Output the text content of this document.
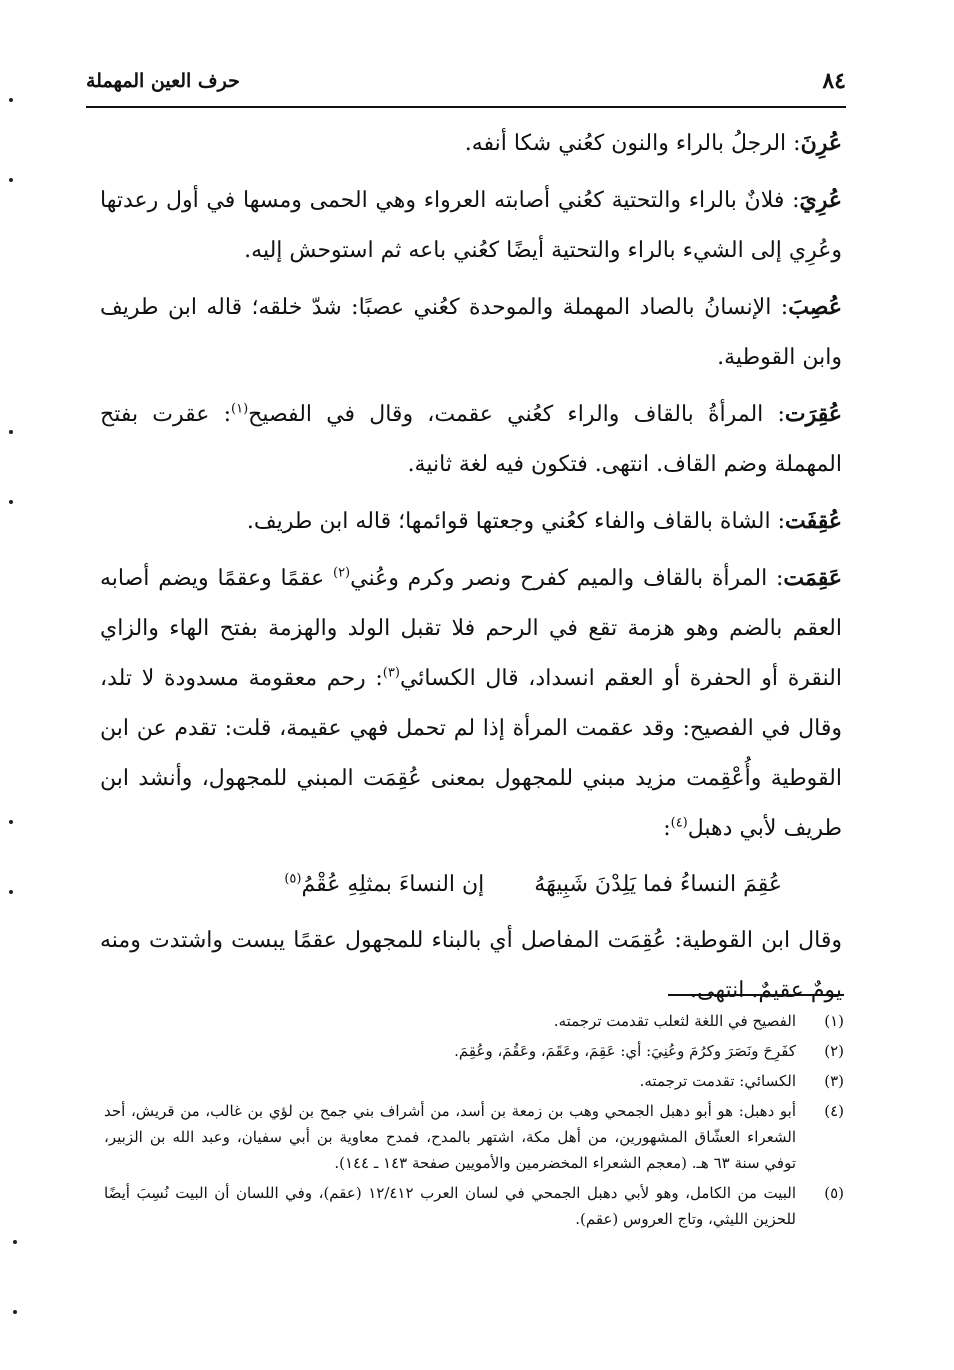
٨٤
حرف العين المهملة

عُرِنَ: الرجلُ بالراء والنون كعُني شكا أنفه.

عُرِيَ: فلانٌ بالراء والتحتية كعُني أصابته العرواء وهي الحمى ومسها في أول رعدتها وعُرِي إلى الشيء بالراء والتحتية أيضًا كعُني باعه ثم استوحش إليه.

عُصِبَ: الإنسانُ بالصاد المهملة والموحدة كعُني عصبًا: شدّ خلقه؛ قاله ابن طريف وابن القوطية.

عُقِرَت: المرأةُ بالقاف والراء كعُني عقمت، وقال في الفصيح$^{(١)}$: عقرت بفتح المهملة وضم القاف. انتهى. فتكون فيه لغة ثانية.

عُقِفَت: الشاة بالقاف والفاء كعُني وجعتها قوائمها؛ قاله ابن طريف.

عَقِمَت: المرأة بالقاف والميم كفرح ونصر وكرم وعُني$^{(٢)}$ عقمًا وعقمًا ويضم أصابه العقم بالضم وهو هزمة تقع في الرحم فلا تقبل الولد والهزمة بفتح الهاء والزاي النقرة أو الحفرة أو العقم انسداد، قال الكسائي$^{(٣)}$: رحم معقومة مسدودة لا تلد، وقال في الفصيح: وقد عقمت المرأة إذا لم تحمل فهي عقيمة، قلت: تقدم عن ابن القوطية وأُعْقِمت مزيد مبني للمجهول بمعنى عُقِمَت المبني للمجهول، وأنشد ابن طريف لأبي دهبل$^{(٤)}$:

عُقِمَ النساءُ فما يَلِدْنَ شَبِيهَهُ
إن النساءَ بمثلِهِ عُقْمُ$^{(٥)}$

وقال ابن القوطية: عُقِمَت المفاصل أي بالبناء للمجهول عقمًا يبست واشتدت ومنه يومٌ عقيمٌ. انتهى.

(١)
الفصيح في اللغة لثعلب تقدمت ترجمته.
(٢)
كفَرِحَ ونَصَرَ وكرُمَ وعُنِيَ: أي: عَقِمَ، وعَقَمَ، وعَقُمَ، وعُقِمَ.
(٣)
الكسائي: تقدمت ترجمته.
(٤)
أبو دهبل: هو أبو دهبل الجمحي وهب بن زمعة بن أسد، من أشراف بني جمح بن لؤي بن غالب، من قريش، أحد الشعراء العشّاق المشهورين، من أهل مكة، اشتهر بالمدح، فمدح معاوية بن أبي سفيان، وعبد الله بن الزبير، توفي سنة ٦٣ هـ. (معجم الشعراء المخضرمين والأمويين صفحة ١٤٣ ـ ١٤٤).
(٥)
البيت من الكامل، وهو لأبي دهبل الجمحي في لسان العرب ١٢/٤١٢ (عقم)، وفي اللسان أن البيت نُسِبَ أيضًا للحزين الليثي، وتاج العروس (عقم).
